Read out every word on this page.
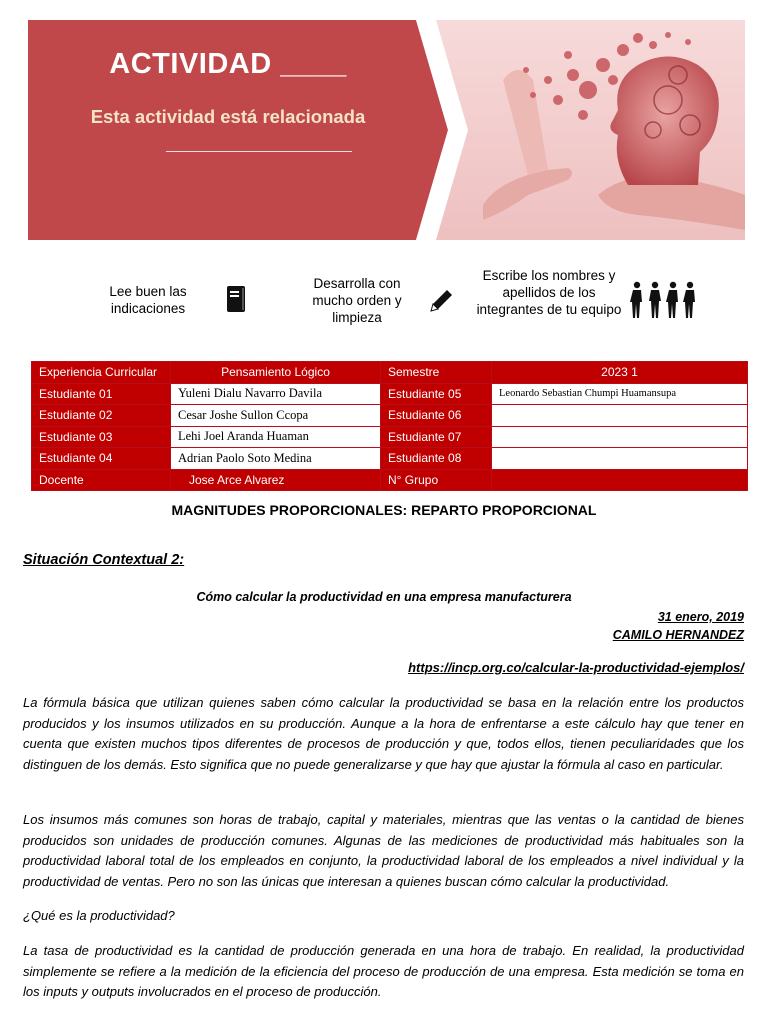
ACTIVIDAD ____
Esta actividad está relacionada
Lee buen las indicaciones
Desarrolla con mucho orden y limpieza
Escribe los nombres y apellidos de los integrantes de tu equipo
Experiencia Curricular	Pensamiento Lógico	Semestre	2023 1
Estudiante 01	Yuleni Dialu Navarro Davila	Estudiante 05	Leonardo Sebastian Chumpi Huamansupa
Estudiante 02	Cesar Joshe Sullon Ccopa	Estudiante 06	
Estudiante 03	Lehi Joel Aranda Huaman	Estudiante 07	
Estudiante 04	Adrian Paolo Soto Medina	Estudiante 08	
Docente	Jose Arce Alvarez	N° Grupo	
MAGNITUDES PROPORCIONALES: REPARTO PROPORCIONAL
Situación Contextual 2:
Cómo calcular la productividad en una empresa manufacturera
31 enero, 2019
CAMILO HERNANDEZ
https://incp.org.co/calcular-la-productividad-ejemplos/
La fórmula básica que utilizan quienes saben cómo calcular la productividad se basa en la relación entre los productos producidos y los insumos utilizados en su producción. Aunque a la hora de enfrentarse a este cálculo hay que tener en cuenta que existen muchos tipos diferentes de procesos de producción y que, todos ellos, tienen peculiaridades que los distinguen de los demás. Esto significa que no puede generalizarse y que hay que ajustar la fórmula al caso en particular.
Los insumos más comunes son horas de trabajo, capital y materiales, mientras que las ventas o la cantidad de bienes producidos son unidades de producción comunes. Algunas de las mediciones de productividad más habituales son la productividad laboral total de los empleados en conjunto, la productividad laboral de los empleados a nivel individual y la productividad de ventas. Pero no son las únicas que interesan a quienes buscan cómo calcular la productividad.
¿Qué es la productividad?
La tasa de productividad es la cantidad de producción generada en una hora de trabajo. En realidad, la productividad simplemente se refiere a la medición de la eficiencia del proceso de producción de una empresa. Esta medición se toma en los inputs y outputs involucrados en el proceso de producción.
